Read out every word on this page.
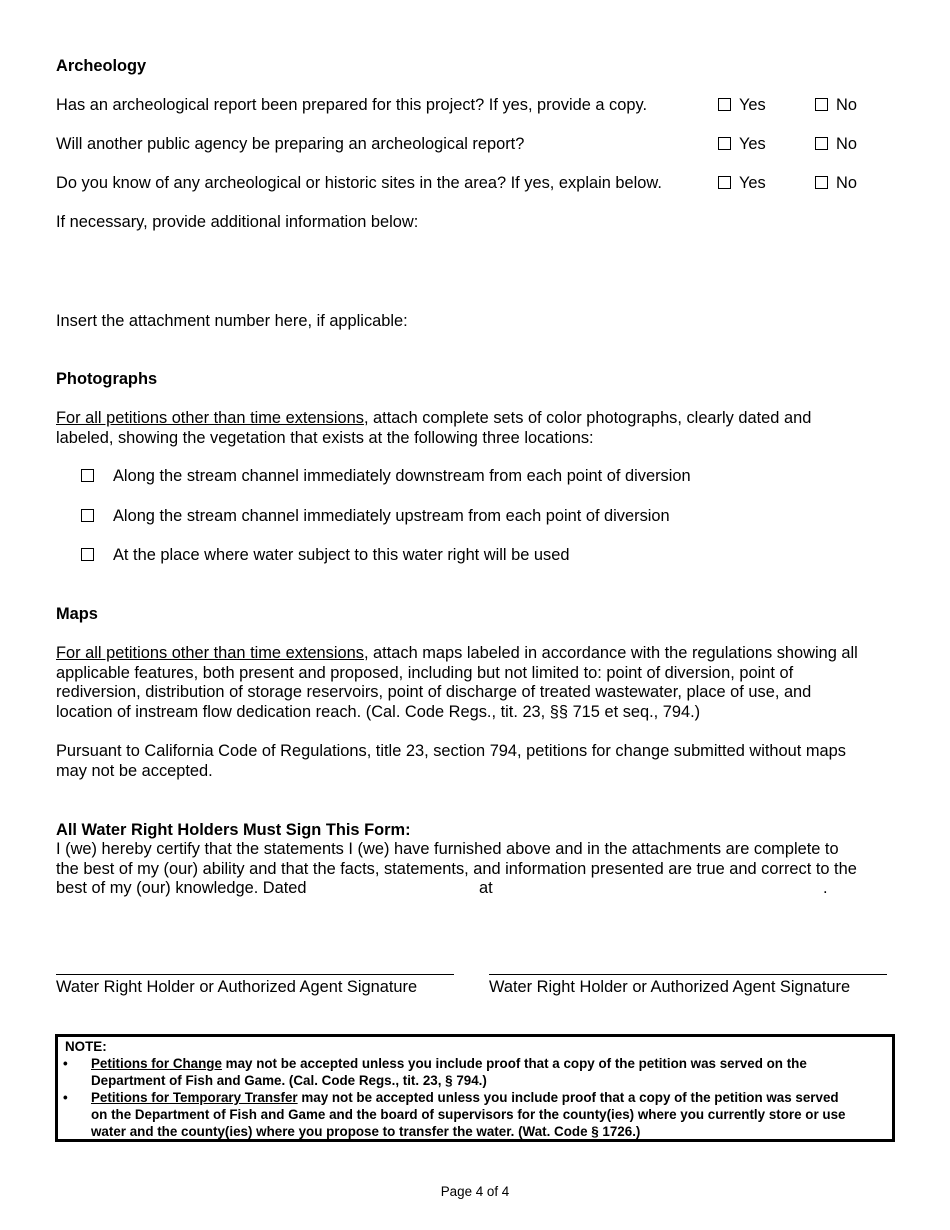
Archeology
Has an archeological report been prepared for this project? If yes, provide a copy.	Yes	No
Will another public agency be preparing an archeological report?	Yes	No
Do you know of any archeological or historic sites in the area? If yes, explain below.	Yes	No
If necessary, provide additional information below:
Insert the attachment number here, if applicable:
Photographs
For all petitions other than time extensions, attach complete sets of color photographs, clearly dated and
labeled, showing the vegetation that exists at the following three locations:
Along the stream channel immediately downstream from each point of diversion
Along the stream channel immediately upstream from each point of diversion
At the place where water subject to this water right will be used
Maps
For all petitions other than time extensions, attach maps labeled in accordance with the regulations showing all
applicable features, both present and proposed, including but not limited to: point of diversion, point of
rediversion, distribution of storage reservoirs, point of discharge of treated wastewater, place of use, and
location of instream flow dedication reach. (Cal. Code Regs., tit. 23, §§ 715 et seq., 794.)
Pursuant to California Code of Regulations, title 23, section 794, petitions for change submitted without maps
may not be accepted.
All Water Right Holders Must Sign This Form:
I (we) hereby certify that the statements I (we) have furnished above and in the attachments are complete to
the best of my (our) ability and that the facts, statements, and information presented are true and correct to the
best of my (our) knowledge. Dated	at	.
Water Right Holder or Authorized Agent Signature	Water Right Holder or Authorized Agent Signature
NOTE:
• Petitions for Change may not be accepted unless you include proof that a copy of the petition was served on the
Department of Fish and Game. (Cal. Code Regs., tit. 23, § 794.)
• Petitions for Temporary Transfer may not be accepted unless you include proof that a copy of the petition was served
on the Department of Fish and Game and the board of supervisors for the county(ies) where you currently store or use
water and the county(ies) where you propose to transfer the water. (Wat. Code § 1726.)
Page 4 of 4
